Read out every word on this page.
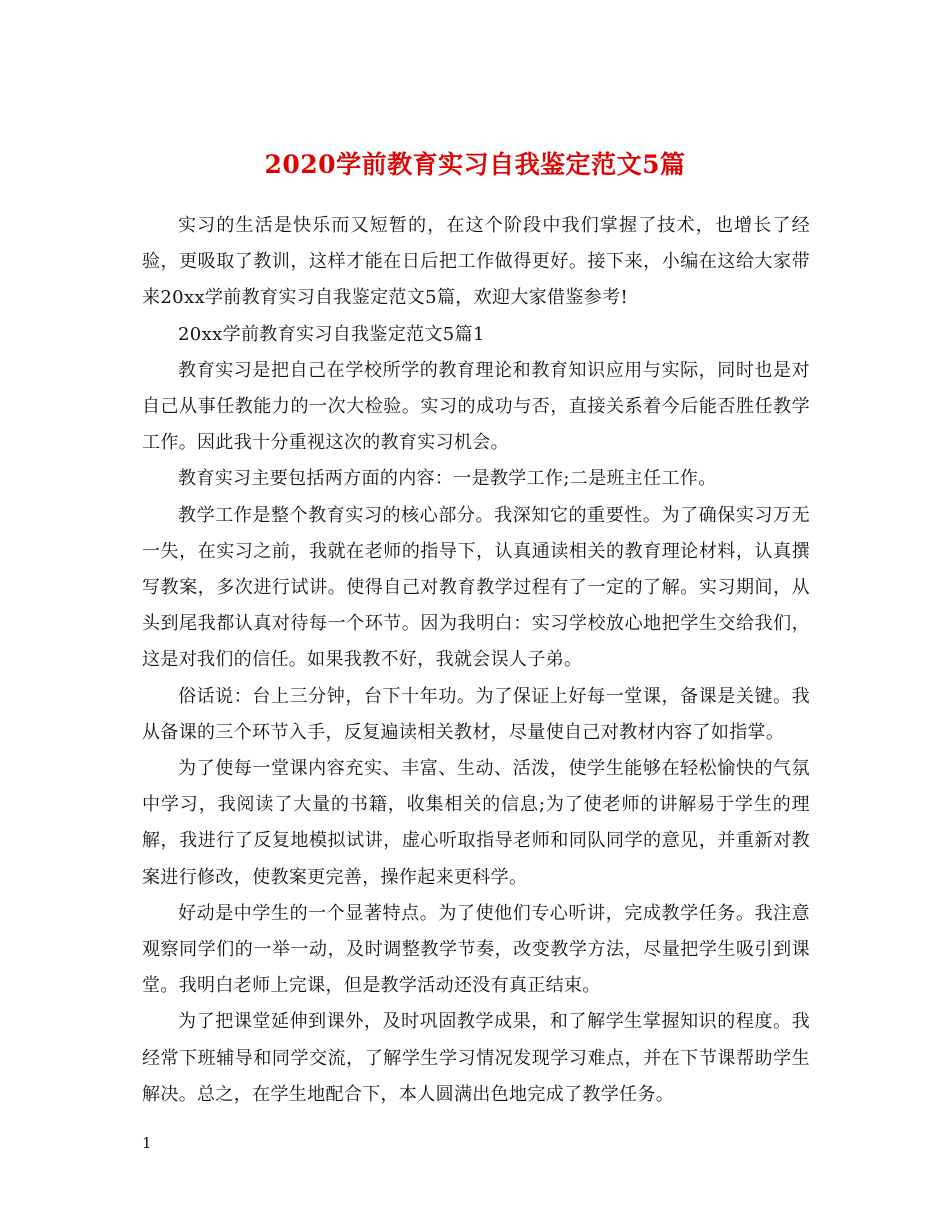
2020学前教育实习自我鉴定范文5篇

实习的生活是快乐而又短暂的，在这个阶段中我们掌握了技术，也增长了经验，更吸取了教训，这样才能在日后把工作做得更好。接下来，小编在这给大家带来20xx学前教育实习自我鉴定范文5篇，欢迎大家借鉴参考!

20xx学前教育实习自我鉴定范文5篇1

教育实习是把自己在学校所学的教育理论和教育知识应用与实际，同时也是对自己从事任教能力的一次大检验。实习的成功与否，直接关系着今后能否胜任教学工作。因此我十分重视这次的教育实习机会。

教育实习主要包括两方面的内容：一是教学工作;二是班主任工作。

教学工作是整个教育实习的核心部分。我深知它的重要性。为了确保实习万无一失，在实习之前，我就在老师的指导下，认真通读相关的教育理论材料，认真撰写教案，多次进行试讲。使得自己对教育教学过程有了一定的了解。实习期间，从头到尾我都认真对待每一个环节。因为我明白：实习学校放心地把学生交给我们，这是对我们的信任。如果我教不好，我就会误人子弟。

俗话说：台上三分钟，台下十年功。为了保证上好每一堂课，备课是关键。我从备课的三个环节入手，反复遍读相关教材，尽量使自己对教材内容了如指掌。

为了使每一堂课内容充实、丰富、生动、活泼，使学生能够在轻松愉快的气氛中学习，我阅读了大量的书籍，收集相关的信息;为了使老师的讲解易于学生的理解，我进行了反复地模拟试讲，虚心听取指导老师和同队同学的意见，并重新对教案进行修改，使教案更完善，操作起来更科学。

好动是中学生的一个显著特点。为了使他们专心听讲，完成教学任务。我注意观察同学们的一举一动，及时调整教学节奏，改变教学方法，尽量把学生吸引到课堂。我明白老师上完课，但是教学活动还没有真正结束。

为了把课堂延伸到课外，及时巩固教学成果，和了解学生掌握知识的程度。我经常下班辅导和同学交流，了解学生学习情况发现学习难点，并在下节课帮助学生解决。总之，在学生地配合下，本人圆满出色地完成了教学任务。

1
